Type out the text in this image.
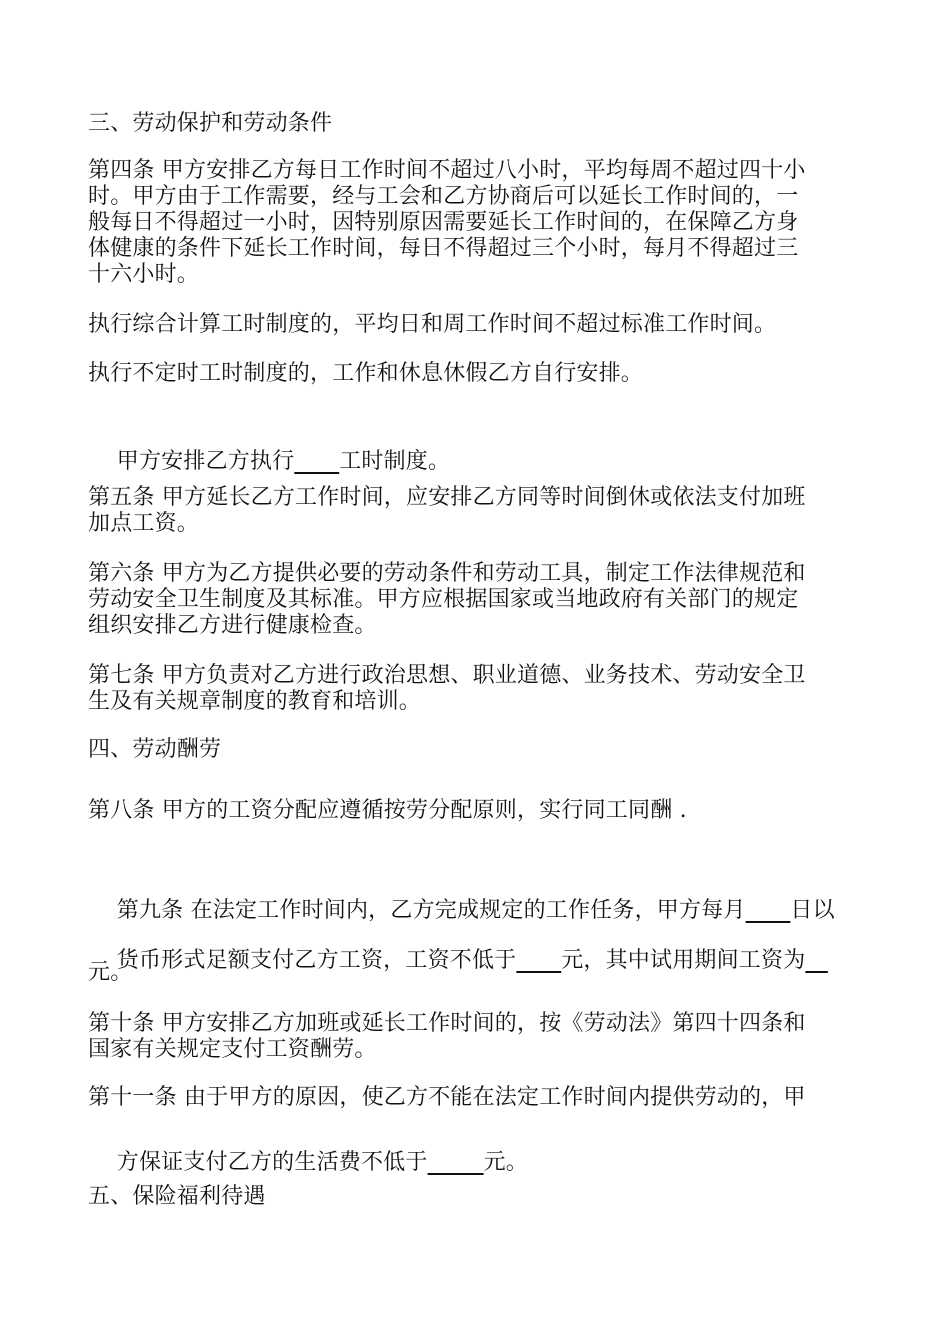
三、劳动保护和劳动条件

第四条 甲方安排乙方每日工作时间不超过八小时，平均每周不超过四十小

时。甲方由于工作需要，经与工会和乙方协商后可以延长工作时间的，一

般每日不得超过一小时，因特别原因需要延长工作时间的，在保障乙方身

体健康的条件下延长工作时间，每日不得超过三个小时，每月不得超过三

十六小时。

执行综合计算工时制度的，平均日和周工作时间不超过标准工作时间。

执行不定时工时制度的，工作和休息休假乙方自行安排。

甲方安排乙方执行____工时制度。

第五条 甲方延长乙方工作时间，应安排乙方同等时间倒休或依法支付加班

加点工资。

第六条 甲方为乙方提供必要的劳动条件和劳动工具，制定工作法律规范和

劳动安全卫生制度及其标准。甲方应根据国家或当地政府有关部门的规定

组织安排乙方进行健康检查。

第七条 甲方负责对乙方进行政治思想、职业道德、业务技术、劳动安全卫

生及有关规章制度的教育和培训。

四、劳动酬劳

第八条 甲方的工资分配应遵循按劳分配原则，实行同工同酬 .

第九条 在法定工作时间内，乙方完成规定的工作任务，甲方每月____日以

货币形式足额支付乙方工资，工资不低于____元，其中试用期间工资为__

元。

第十条 甲方安排乙方加班或延长工作时间的，按《劳动法》第四十四条和

国家有关规定支付工资酬劳。

第十一条 由于甲方的原因，使乙方不能在法定工作时间内提供劳动的，甲

方保证支付乙方的生活费不低于_____元。

五、保险福利待遇
